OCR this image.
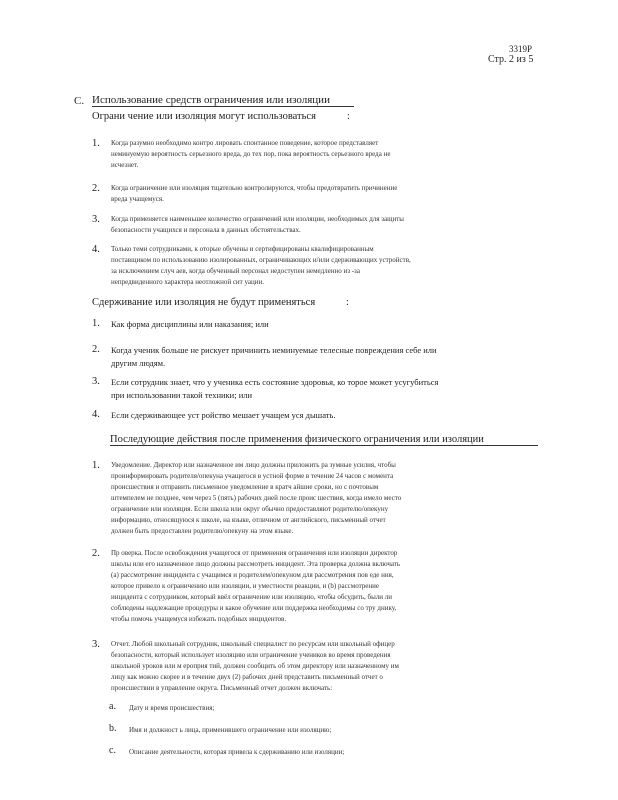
3319P
Стр. 2 из 5
C. Использование средств ограничения или изоляции
Ограни чение или изоляция могут использоваться	:
1. Когда разумно необходимо контро лировать спонтанное поведение, которое представляет
неминуемую вероятность серьезного вреда, до тех пор, пока вероятность серьезного вреда не
исчезнет.
2. Когда ограничение или изоляция тщательно контролируются, чтобы предотвратить причинение
вреда учащемуся.
3. Когда применяется наименьшее количество ограничений или изоляции, необходимых для защиты
безопасности учащихся и персонала в данных обстоятельствах.
4. Только теми сотрудниками, к оторые обучены и сертифицированы квалифицированным
поставщиком по использованию изолированных, ограничивающих и/или сдерживающих устройств,
за исключением случ аев, когда обученный персонал недоступен немедленно из -за
непредвиденного характера неотложной сит уации.
Сдерживание или изоляция не будут применяться	:
1. Как форма дисциплины или наказания; или
2. Когда ученик больше не рискует причинить неминуемые телесные повреждения себе или
другим людям.
3. Если сотрудник знает, что у ученика есть состояние здоровья, ко торое может усугубиться
при использовании такой техники; или
4. Если сдерживающее уст ройство мешает учащем уся дышать.
Последующие действия после применения физического ограничения или изоляции
1. Уведомление. Директор или назначенное им лицо должны приложить ра зумные усилия, чтобы
проинформировать родителя/опекуна учащегося в устной форме в течение 24 часов с момента
происшествия и отправить письменное уведомление в кратч айшие сроки, но с почтовым
штемпелем не позднее, чем через 5 (пять) рабочих дней после проис шествия, когда имело место
ограничение или изоляция. Если школа или округ обычно предоставляют родителю/опекуну
информацию, относящуюся к школе, на языке, отличном от английского, письменный отчет
должен быть предоставлен родителю/опекуну на этом языке.
2. Пр оверка. После освобождения учащегося от применения ограничения или изоляции директор
школы или его назначенное лицо должны рассмотреть инцидент. Эта проверка должна включать
(a) рассмотрение инцидента с учащимся и родителем/опекуном для рассмотрения пов еде ния,
которое привело к ограничению или изоляции, и уместности реакции, и (b) рассмотрение
инцидента с сотрудником, который ввёл ограничение или изоляцию, чтобы обсудить, были ли
соблюдены надлежащие процедуры и какое обучение или поддержка необходимы со тру днику,
чтобы помочь учащемуся избежать подобных инцидентов.
3. Отчет. Любой школьный сотрудник, школьный специалист по ресурсам или школьный офицер
безопасности, который использует изоляцию или ограничение учеников во время проведения
школьной уроков или м ероприя тий, должен сообщить об этом директору или назначенному им
лицу как можно скорее и в течение двух (2) рабочих дней представить письменный отчет о
происшествии в управление округа. Письменный отчет должен включать:
a. Дату и время происшествия;
b. Имя и должност ь лица, применившего ограничение или изоляцию;
c. Описание деятельности, которая привела к сдерживанию или изоляции;
